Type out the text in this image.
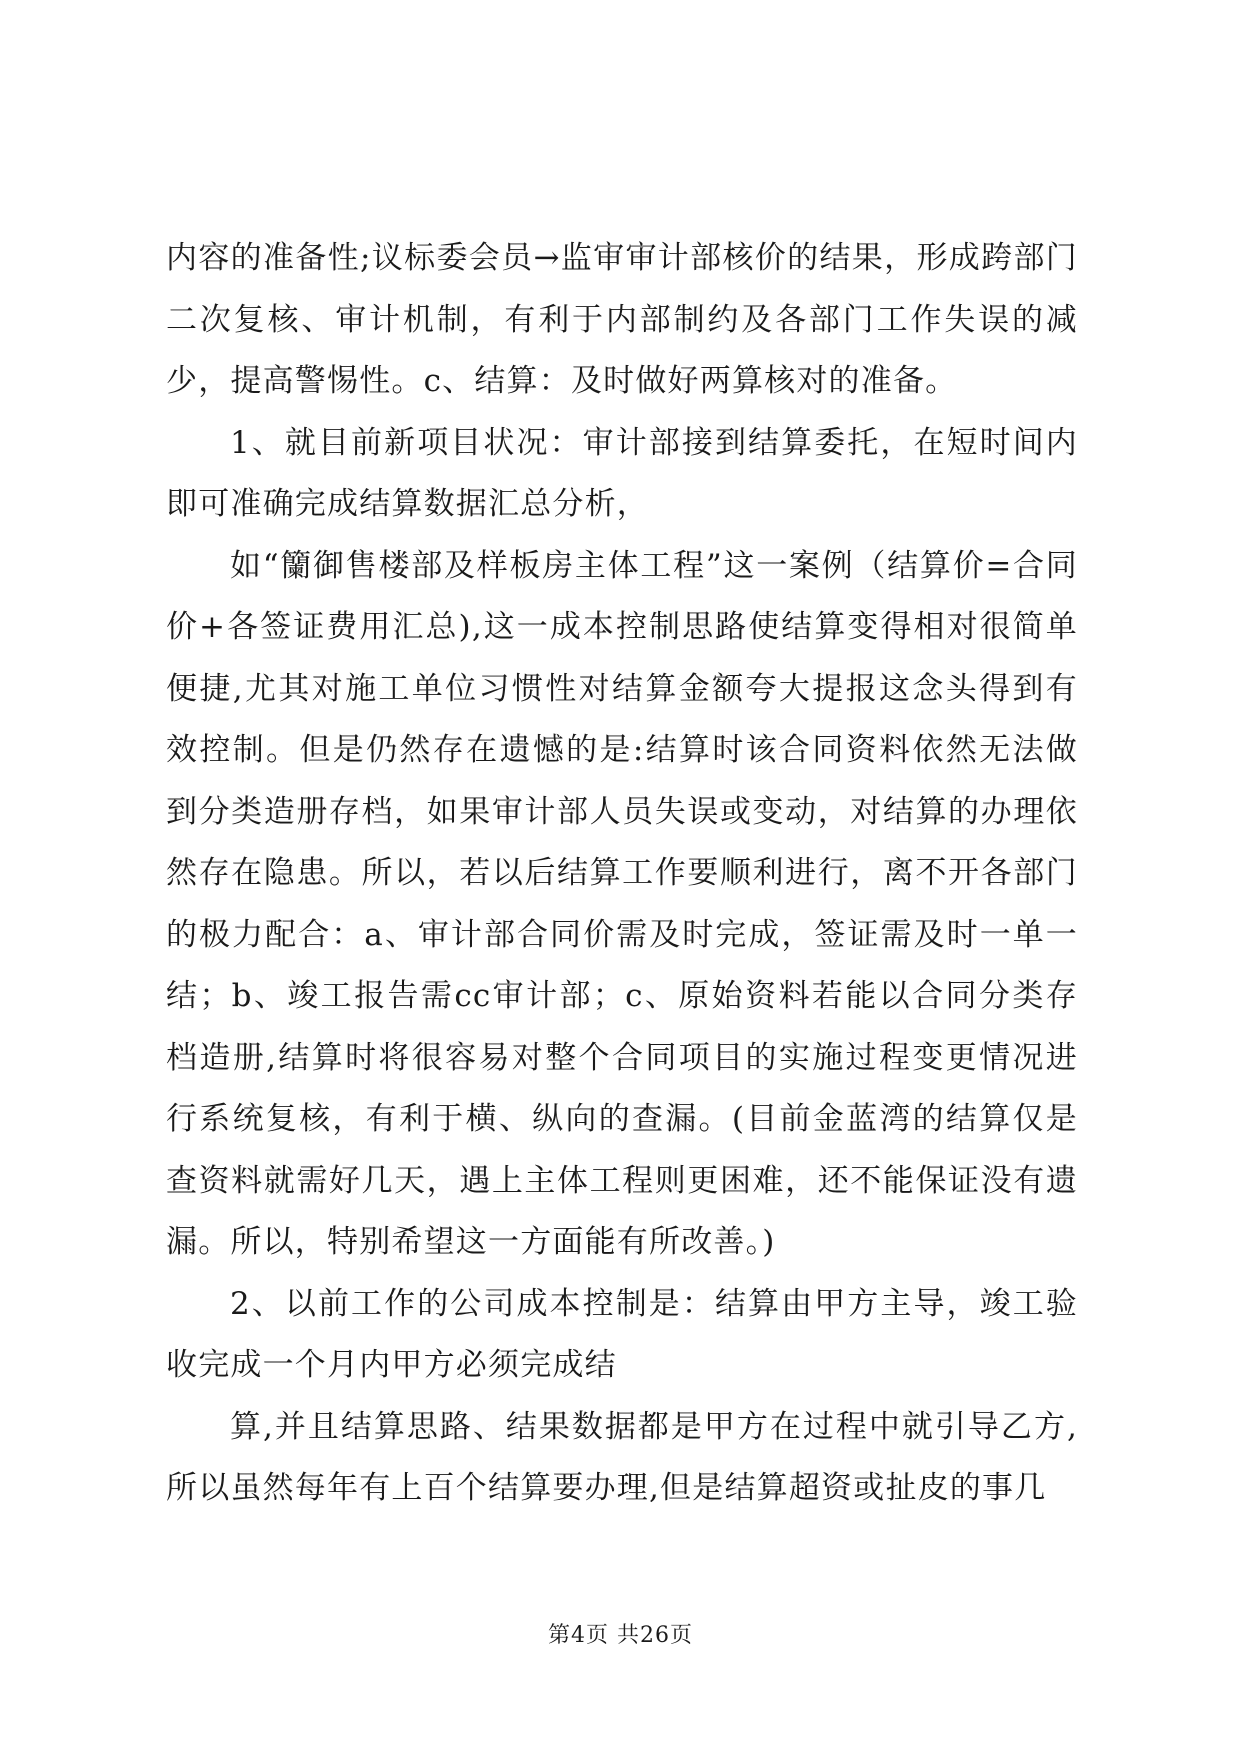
内容的准备性;议标委会员→监审审计部核价的结果，形成跨部门二次复核、审计机制，有利于内部制约及各部门工作失误的减少，提高警惕性。c、结算：及时做好两算核对的准备。

1、就目前新项目状况：审计部接到结算委托，在短时间内即可准确完成结算数据汇总分析，

如“籣御售楼部及样板房主体工程”这一案例（结算价=合同价+各签证费用汇总),这一成本控制思路使结算变得相对很简单便捷,尤其对施工单位习惯性对结算金额夸大提报这念头得到有效控制。但是仍然存在遗憾的是:结算时该合同资料依然无法做到分类造册存档，如果审计部人员失误或变动，对结算的办理依然存在隐患。所以，若以后结算工作要顺利进行，离不开各部门的极力配合：a、审计部合同价需及时完成，签证需及时一单一结；b、竣工报告需cc审计部；c、原始资料若能以合同分类存档造册,结算时将很容易对整个合同项目的实施过程变更情况进行系统复核，有利于横、纵向的查漏。(目前金蓝湾的结算仅是查资料就需好几天，遇上主体工程则更困难，还不能保证没有遗漏。所以，特别希望这一方面能有所改善。)

2、以前工作的公司成本控制是：结算由甲方主导，竣工验收完成一个月内甲方必须完成结

算,并且结算思路、结果数据都是甲方在过程中就引导乙方,所以虽然每年有上百个结算要办理,但是结算超资或扯皮的事几

第4页 共26页
